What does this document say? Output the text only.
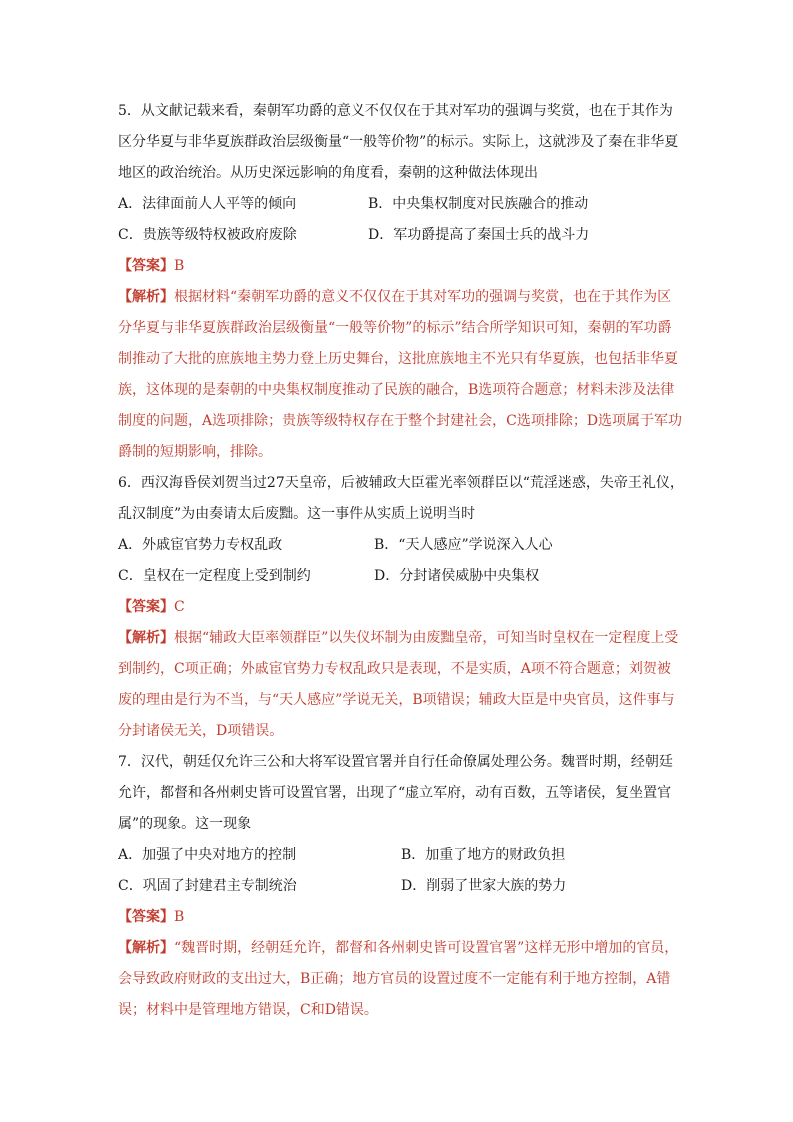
5．从文献记载来看，秦朝军功爵的意义不仅仅在于其对军功的强调与奖赏，也在于其作为区分华夏与非华夏族群政治层级衡量“一般等价物”的标示。实际上，这就涉及了秦在非华夏地区的政治统治。从历史深远影响的角度看，秦朝的这种做法体现出

A．法律面前人人平等的倾向	B．中央集权制度对民族融合的推动
C．贵族等级特权被政府废除	D．军功爵提高了秦国士兵的战斗力

【答案】B

【解析】根据材料“秦朝军功爵的意义不仅仅在于其对军功的强调与奖赏，也在于其作为区分华夏与非华夏族群政治层级衡量“一般等价物”的标示”结合所学知识可知，秦朝的军功爵制推动了大批的庶族地主势力登上历史舞台，这批庶族地主不光只有华夏族，也包括非华夏族，这体现的是秦朝的中央集权制度推动了民族的融合，B选项符合题意；材料未涉及法律制度的问题，A选项排除；贵族等级特权存在于整个封建社会，C选项排除；D选项属于军功爵制的短期影响，排除。

6．西汉海昏侯刘贺当过27天皇帝，后被辅政大臣霍光率领群臣以“荒淫迷惑，失帝王礼仪，乱汉制度”为由奏请太后废黜。这一事件从实质上说明当时

A．外戚宦官势力专权乱政	B．“天人感应”学说深入人心
C．皇权在一定程度上受到制约	D．分封诸侯威胁中央集权

【答案】C

【解析】根据“辅政大臣率领群臣”以失仪坏制为由废黜皇帝，可知当时皇权在一定程度上受到制约，C项正确；外戚宦官势力专权乱政只是表现，不是实质，A项不符合题意；刘贺被废的理由是行为不当，与“天人感应”学说无关，B项错误；辅政大臣是中央官员，这件事与分封诸侯无关，D项错误。

7．汉代，朝廷仅允许三公和大将军设置官署并自行任命僚属处理公务。魏晋时期，经朝廷允许，都督和各州刺史皆可设置官署，出现了“虚立军府，动有百数，五等诸侯，复坐置官属”的现象。这一现象

A．加强了中央对地方的控制	B．加重了地方的财政负担
C．巩固了封建君主专制统治	D．削弱了世家大族的势力

【答案】B

【解析】“魏晋时期，经朝廷允许，都督和各州刺史皆可设置官署”这样无形中增加的官员，会导致政府财政的支出过大，B正确；地方官员的设置过度不一定能有利于地方控制，A错误；材料中是管理地方错误，C和D错误。
